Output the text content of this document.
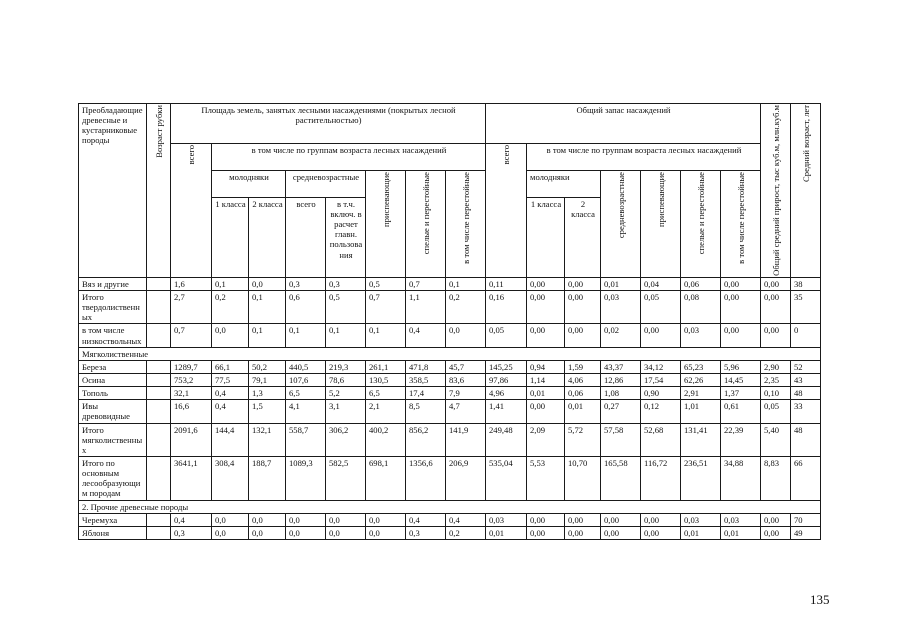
Преобладающие древесные и кустарниковые породы	Возраст рубки	Площадь земель, занятых лесными насаждениями (покрытых лесной растительностью)								Общий запас насаждений							Общий средний прирост, тыс куб.м, млн.куб.м	Средний возраст, лет

		всего	в том числе по группам возраста лесных насаждений							всего	в том числе по группам возраста лесных насаждений							
			молодняки		средневозрастные		приспевающие	спелые и перестойные	в том числе перестойные		молодняки		средневозрастные	приспевающие	спелые и перестойные	в том числе перестойные		

			1 класса	2 класса	всего	в т.ч. включ. в расчет главн. пользования					1 класса	2 класса						
Вяз и другие		1,6	0,1	0,0	0,3	0,3	0,5	0,7	0,1	0,11	0,00	0,00	0,01	0,04	0,06	0,00	0,00	38
Итого твердолиственных		2,7	0,2	0,1	0,6	0,5	0,7	1,1	0,2	0,16	0,00	0,00	0,03	0,05	0,08	0,00	0,00	35
в том числе низкоствольных		0,7	0,0	0,1	0,1	0,1	0,1	0,4	0,0	0,05	0,00	0,00	0,02	0,00	0,03	0,00	0,00	0
Мягколиственные																		
Береза		1289,7	66,1	50,2	440,5	219,3	261,1	471,8	45,7	145,25	0,94	1,59	43,37	34,12	65,23	5,96	2,90	52
Осина		753,2	77,5	79,1	107,6	78,6	130,5	358,5	83,6	97,86	1,14	4,06	12,86	17,54	62,26	14,45	2,35	43
Тополь		32,1	0,4	1,3	6,5	5,2	6,5	17,4	7,9	4,96	0,01	0,06	1,08	0,90	2,91	1,37	0,10	48
Ивы древовидные		16,6	0,4	1,5	4,1	3,1	2,1	8,5	4,7	1,41	0,00	0,01	0,27	0,12	1,01	0,61	0,05	33
Итого мягколиственных		2091,6	144,4	132,1	558,7	306,2	400,2	856,2	141,9	249,48	2,09	5,72	57,58	52,68	131,41	22,39	5,40	48
Итого по основным лесообразующим породам		3641,1	308,4	188,7	1089,3	582,5	698,1	1356,6	206,9	535,04	5,53	10,70	165,58	116,72	236,51	34,88	8,83	66
2. Прочие древесные породы																		
Черемуха		0,4	0,0	0,0	0,0	0,0	0,0	0,4	0,4	0,03	0,00	0,00	0,00	0,00	0,03	0,03	0,00	70
Яблоня		0,3	0,0	0,0	0,0	0,0	0,0	0,3	0,2	0,01	0,00	0,00	0,00	0,00	0,01	0,01	0,00	49
135
